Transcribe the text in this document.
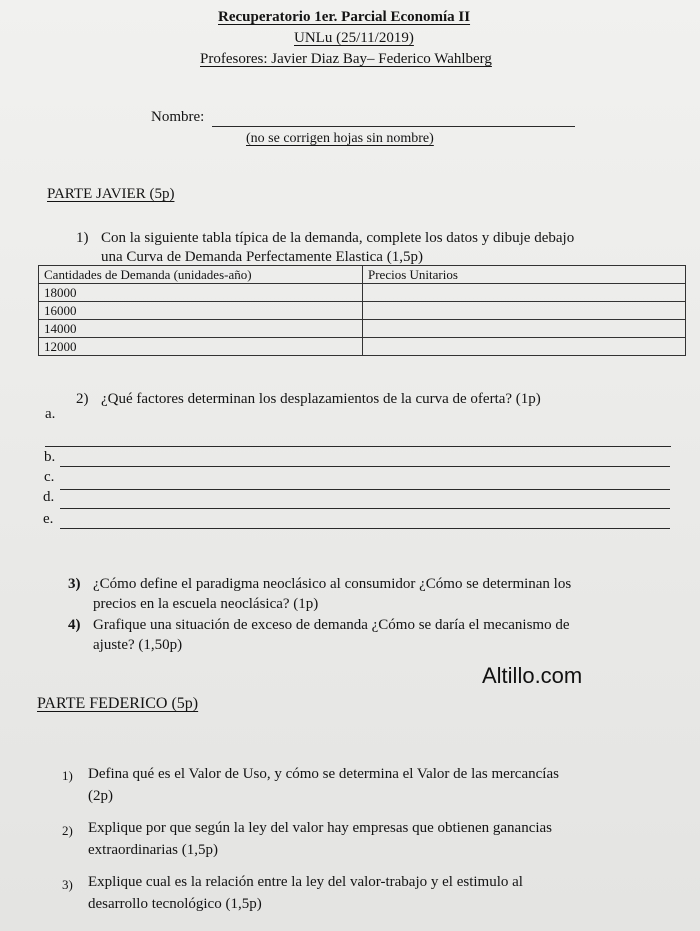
Recuperatorio 1er. Parcial Economía II
UNLu (25/11/2019)
Profesores: Javier Diaz Bay– Federico Wahlberg
Nombre:
(no se corrigen hojas sin nombre)
PARTE JAVIER (5p)
1) Con la siguiente tabla típica de la demanda, complete los datos y dibuje debajo
una Curva de Demanda Perfectamente Elastica (1,5p)
Cantidades de Demanda (unidades-año)	Precios Unitarios
18000	
16000	
14000	
12000	
2) ¿Qué factores determinan los desplazamientos de la curva de oferta? (1p)
a.
b.
c.
d.
e.
3) ¿Cómo define el paradigma neoclásico al consumidor ¿Cómo se determinan los
precios en la escuela neoclásica? (1p)
4) Grafique una situación de exceso de demanda ¿Cómo se daría el mecanismo de
ajuste? (1,50p)
Altillo.com
PARTE FEDERICO (5p)
1) Defina qué es el Valor de Uso, y cómo se determina el Valor de las mercancías
(2p)
2) Explique por que según la ley del valor hay empresas que obtienen ganancias
extraordinarias (1,5p)
3) Explique cual es la relación entre la ley del valor-trabajo y el estimulo al
desarrollo tecnológico (1,5p)
